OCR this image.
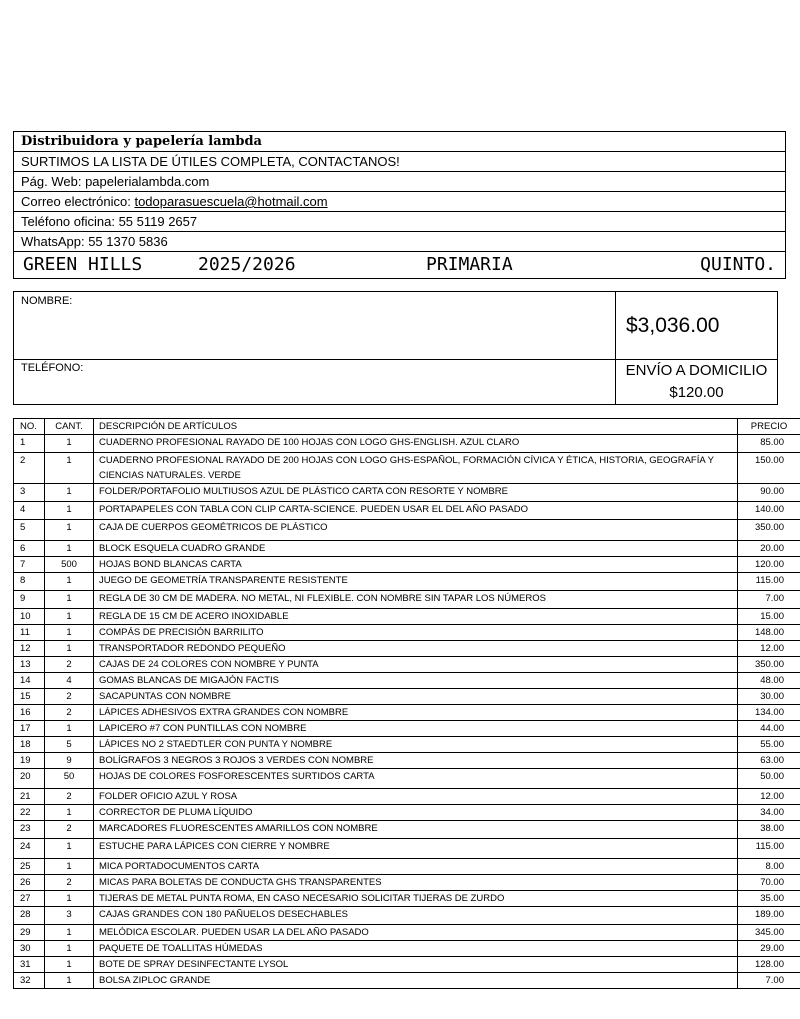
Distribuidora y papelería lambda
SURTIMOS LA LISTA DE ÚTILES COMPLETA, CONTACTANOS!
Pág. Web: papelerialambda.com
Correo electrónico: todoparasuescuela@hotmail.com
Teléfono oficina: 55 5119 2657
WhatsApp: 55 1370 5836
GREEN HILLS	2025/2026	PRIMARIA	QUINTO.
NOMBRE:
TELÉFONO:
$3,036.00
ENVÍO A DOMICILIO
$120.00
NO.	CANT.	DESCRIPCIÓN DE ARTÍCULOS	PRECIO
1	1	CUADERNO PROFESIONAL RAYADO DE 100 HOJAS CON LOGO GHS-ENGLISH. AZUL CLARO	85.00
2	1	CUADERNO PROFESIONAL RAYADO DE 200 HOJAS CON LOGO GHS-ESPAÑOL, FORMACIÓN CÍVICA Y ÉTICA, HISTORIA, GEOGRAFÍA Y CIENCIAS NATURALES. VERDE	150.00
3	1	FOLDER/PORTAFOLIO MULTIUSOS AZUL DE PLÁSTICO CARTA CON RESORTE Y NOMBRE	90.00
4	1	PORTAPAPELES CON TABLA CON CLIP CARTA-SCIENCE. PUEDEN USAR EL DEL AÑO PASADO	140.00
5	1	CAJA DE CUERPOS GEOMÉTRICOS DE PLÁSTICO	350.00
6	1	BLOCK ESQUELA CUADRO GRANDE	20.00
7	500	HOJAS BOND BLANCAS CARTA	120.00
8	1	JUEGO DE GEOMETRÍA TRANSPARENTE RESISTENTE	115.00
9	1	REGLA DE 30 CM DE MADERA. NO METAL, NI FLEXIBLE. CON NOMBRE SIN TAPAR LOS NÚMEROS	7.00
10	1	REGLA DE 15 CM DE ACERO INOXIDABLE	15.00
11	1	COMPÁS DE PRECISIÓN BARRILITO	148.00
12	1	TRANSPORTADOR REDONDO PEQUEÑO	12.00
13	2	CAJAS DE 24 COLORES CON NOMBRE Y PUNTA	350.00
14	4	GOMAS BLANCAS DE MIGAJÓN FACTIS	48.00
15	2	SACAPUNTAS CON NOMBRE	30.00
16	2	LÁPICES ADHESIVOS EXTRA GRANDES CON NOMBRE	134.00
17	1	LAPICERO #7 CON PUNTILLAS CON NOMBRE	44.00
18	5	LÁPICES NO 2 STAEDTLER CON PUNTA Y NOMBRE	55.00
19	9	BOLÍGRAFOS 3 NEGROS 3 ROJOS 3 VERDES CON NOMBRE	63.00
20	50	HOJAS DE COLORES FOSFORESCENTES SURTIDOS CARTA	50.00
21	2	FOLDER OFICIO AZUL Y ROSA	12.00
22	1	CORRECTOR DE PLUMA LÍQUIDO	34.00
23	2	MARCADORES FLUORESCENTES AMARILLOS CON NOMBRE	38.00
24	1	ESTUCHE PARA LÁPICES CON CIERRE Y NOMBRE	115.00
25	1	MICA PORTADOCUMENTOS CARTA	8.00
26	2	MICAS PARA BOLETAS DE CONDUCTA GHS TRANSPARENTES	70.00
27	1	TIJERAS DE METAL PUNTA ROMA, EN CASO NECESARIO SOLICITAR TIJERAS DE ZURDO	35.00
28	3	CAJAS GRANDES CON 180 PAÑUELOS DESECHABLES	189.00
29	1	MELÓDICA ESCOLAR. PUEDEN USAR LA DEL AÑO PASADO	345.00
30	1	PAQUETE DE TOALLITAS HÚMEDAS	29.00
31	1	BOTE DE SPRAY DESINFECTANTE LYSOL	128.00
32	1	BOLSA ZIPLOC GRANDE	7.00
